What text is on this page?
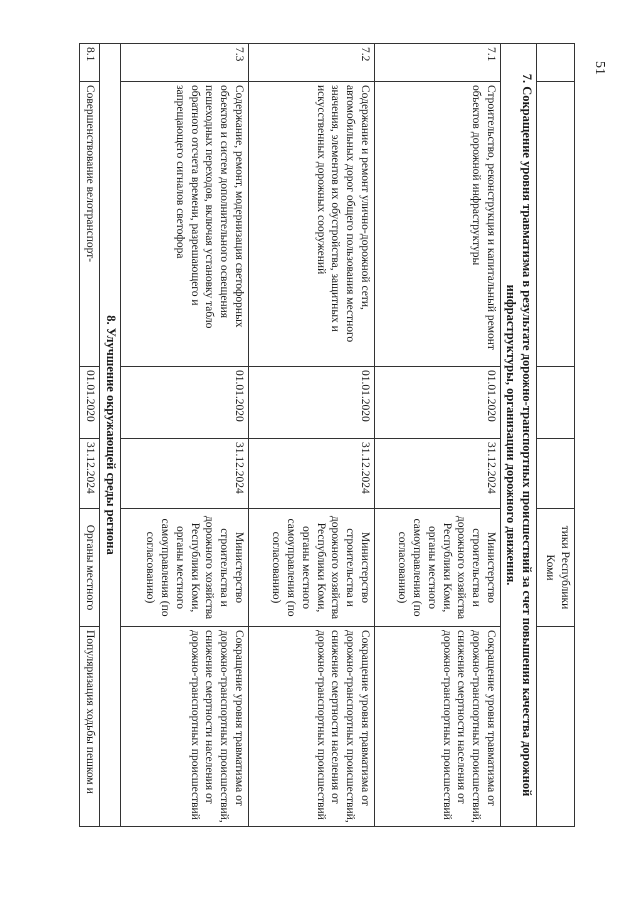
51
				тики Республики Коми	
7. Сокращение уровня травматизма в результате дорожно-транспортных происшествий за счет повышения качества дорожной инфраструктуры, организации дорожного движения.					
7.1	Строительство, реконструкция и капитальный ремонт объектов дорожной инфраструктуры	01.01.2020	31.12.2024	Министерство строительства и дорожного хозяйства Республики Коми, органы местного самоуправления (по согласованию)	Сокращение уровня травматизма от дорожно-транспортных происшествий, снижение смертности населения от дорожно-транспортных происшествий
7.2	Содержание и ремонт улично-дорожной сети, автомобильных дорог общего пользования местного значения, элементов их обустройства, защитных и искусственных дорожных сооружений	01.01.2020	31.12.2024	Министерство строительства и дорожного хозяйства Республики Коми, органы местного самоуправления (по согласованию)	Сокращение уровня травматизма от дорожно-транспортных происшествий, снижение смертности населения от дорожно-транспортных происшествий
7.3	Содержание, ремонт, модернизация светофорных объектов и систем дополнительного освещения пешеходных переходов, включая установку табло обратного отсчета времени, разрешающего и запрещающего сигналов светофора	01.01.2020	31.12.2024	Министерство строительства и дорожного хозяйства Республики Коми, органы местного самоуправления (по согласованию)	Сокращение уровня травматизма от дорожно-транспортных происшествий, снижение смертности населения от дорожно-транспортных происшествий
8. Улучшение окружающей среды региона					
8.1	Совершенствование велотранспорт-	01.01.2020	31.12.2024	Органы местного	Популяризация ходьбы пешком и
